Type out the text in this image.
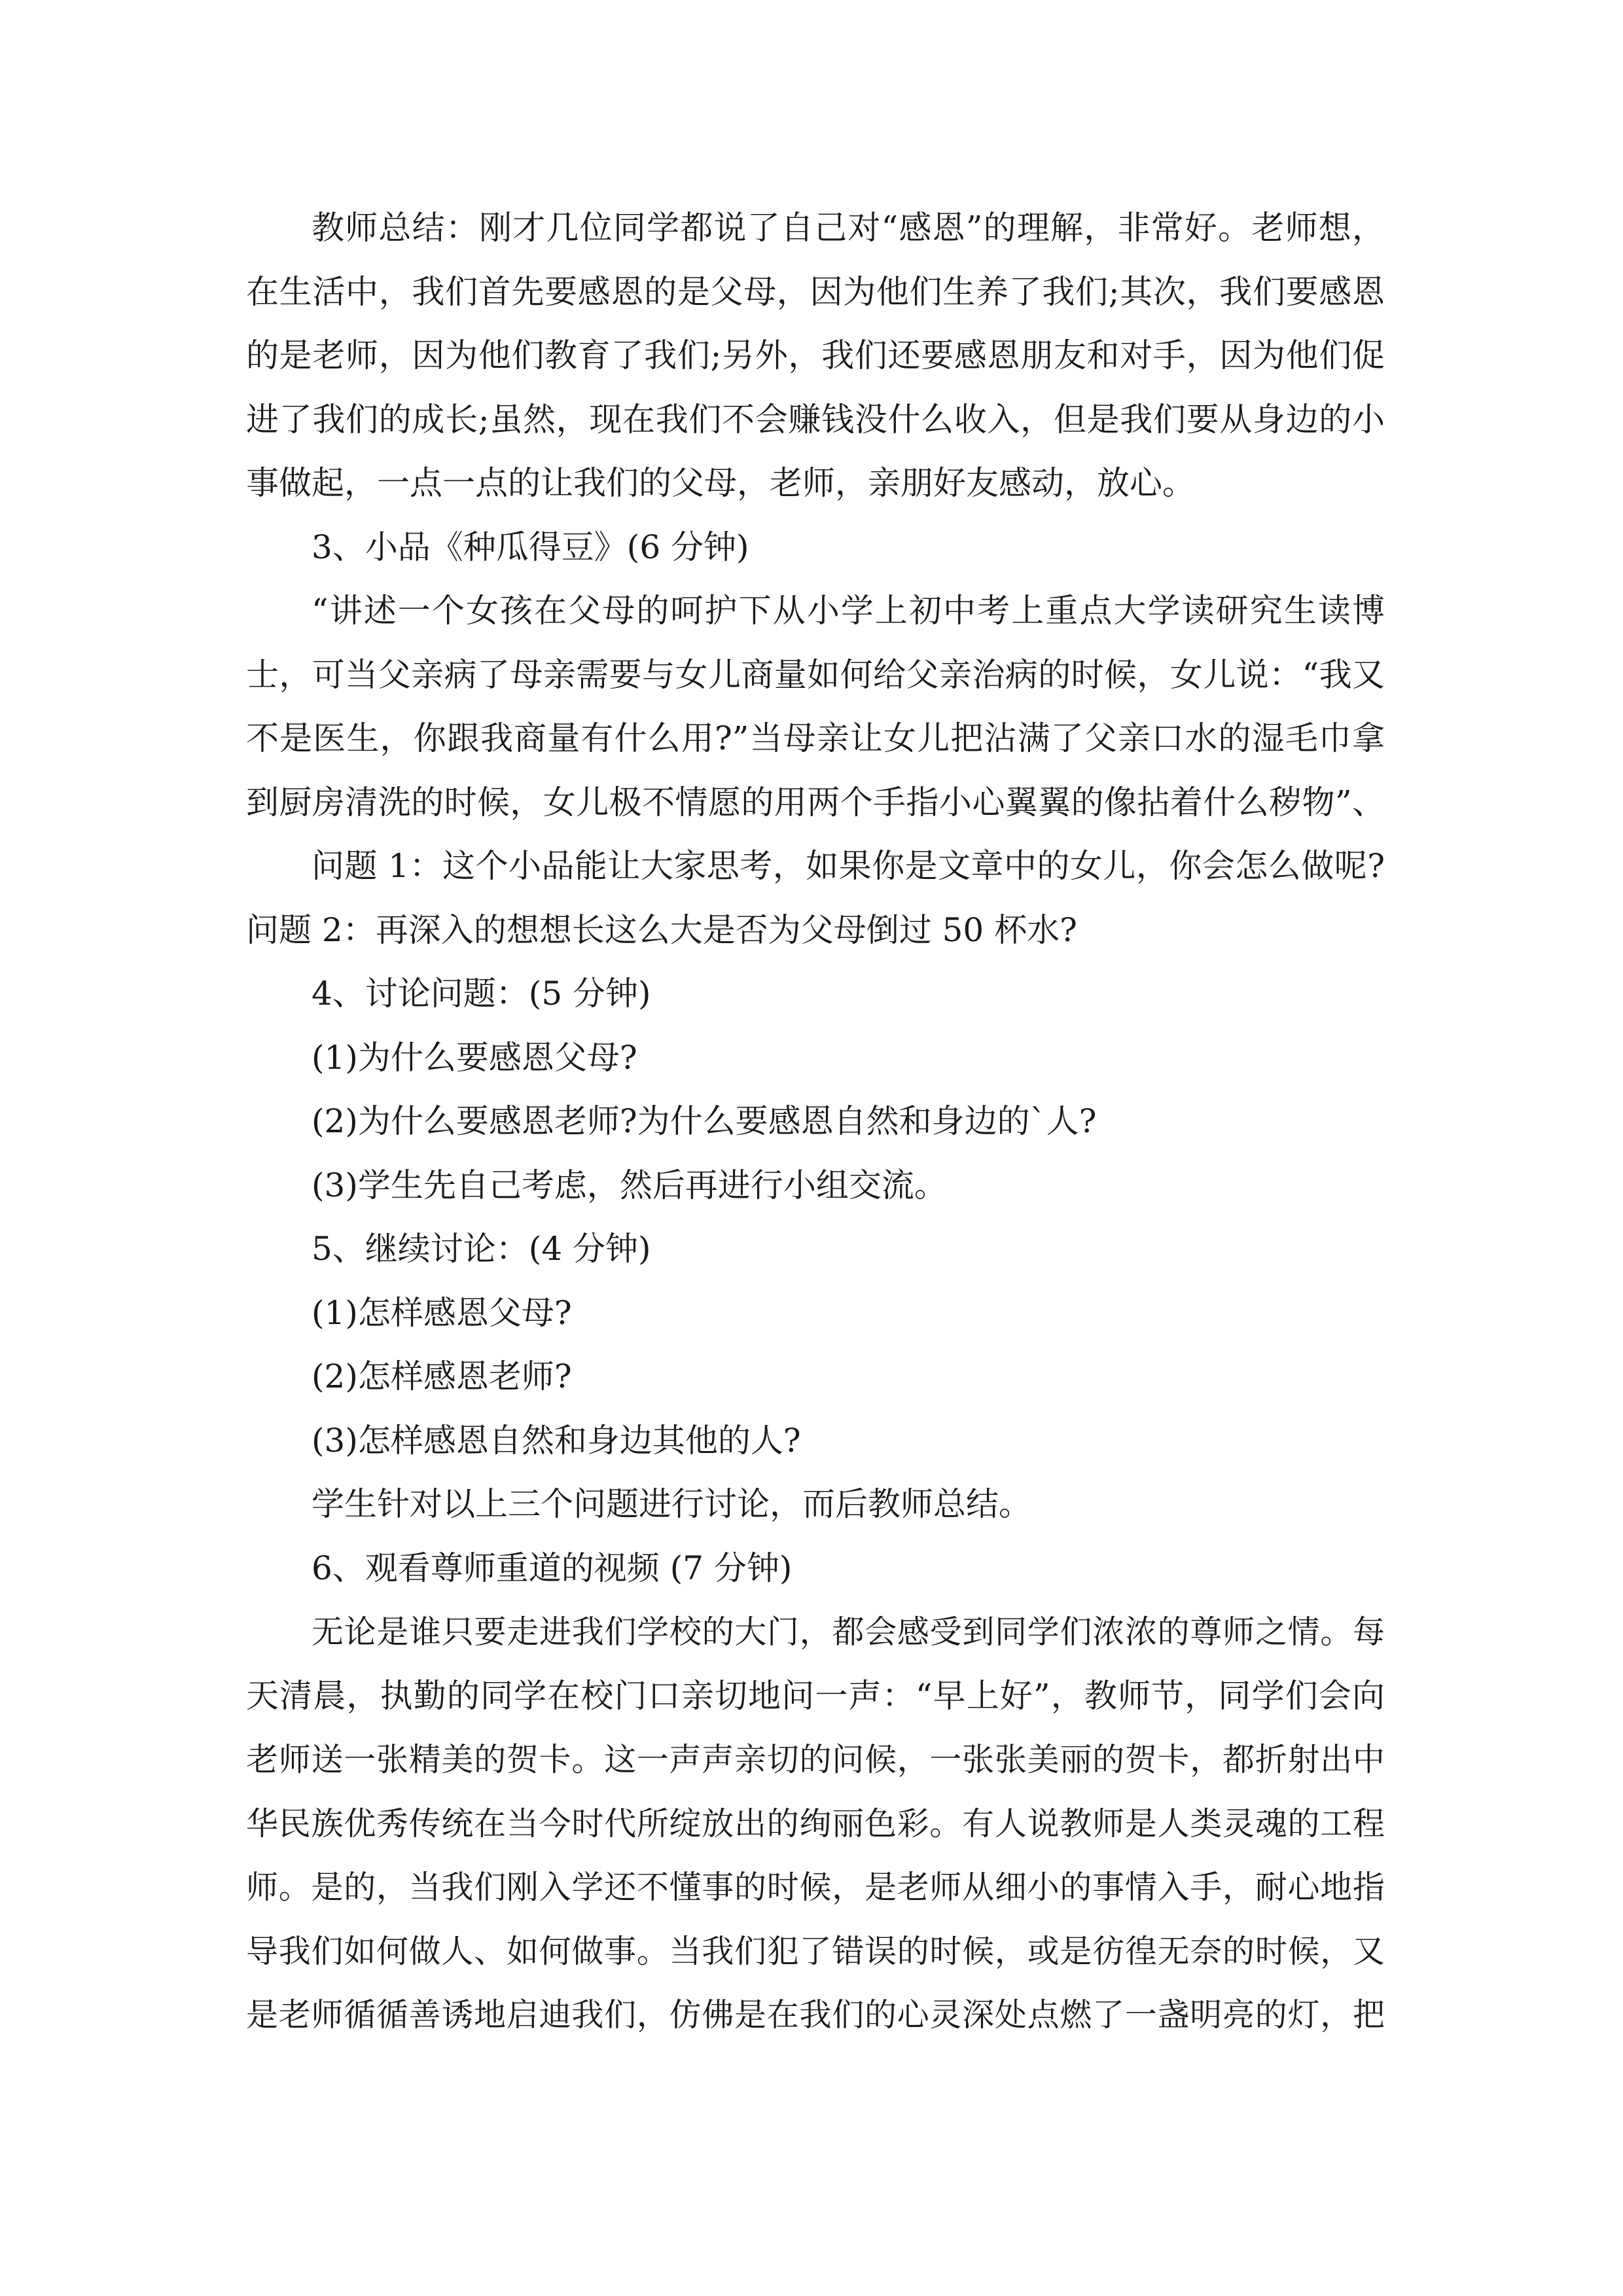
教师总结：刚才几位同学都说了自己对“感恩”的理解，非常好。老师想，
在生活中，我们首先要感恩的是父母，因为他们生养了我们;其次，我们要感恩
的是老师，因为他们教育了我们;另外，我们还要感恩朋友和对手，因为他们促
进了我们的成长;虽然，现在我们不会赚钱没什么收入，但是我们要从身边的小
事做起，一点一点的让我们的父母，老师，亲朋好友感动，放心。
3、小品《种瓜得豆》(6 分钟)
“讲述一个女孩在父母的呵护下从小学上初中考上重点大学读研究生读博
士，可当父亲病了母亲需要与女儿商量如何给父亲治病的时候，女儿说：“我又
不是医生，你跟我商量有什么用?”当母亲让女儿把沾满了父亲口水的湿毛巾拿
到厨房清洗的时候，女儿极不情愿的用两个手指小心翼翼的像拈着什么秽物”、
问题 1：这个小品能让大家思考，如果你是文章中的女儿，你会怎么做呢?
问题 2：再深入的想想长这么大是否为父母倒过 50 杯水?
4、讨论问题：(5 分钟)
(1)为什么要感恩父母?
(2)为什么要感恩老师?为什么要感恩自然和身边的`人?
(3)学生先自己考虑，然后再进行小组交流。
5、继续讨论：(4 分钟)
(1)怎样感恩父母?
(2)怎样感恩老师?
(3)怎样感恩自然和身边其他的人?
学生针对以上三个问题进行讨论，而后教师总结。
6、观看尊师重道的视频 (7 分钟)
无论是谁只要走进我们学校的大门，都会感受到同学们浓浓的尊师之情。每
天清晨，执勤的同学在校门口亲切地问一声：“早上好”，教师节，同学们会向
老师送一张精美的贺卡。这一声声亲切的问候，一张张美丽的贺卡，都折射出中
华民族优秀传统在当今时代所绽放出的绚丽色彩。有人说教师是人类灵魂的工程
师。是的，当我们刚入学还不懂事的时候，是老师从细小的事情入手，耐心地指
导我们如何做人、如何做事。当我们犯了错误的时候，或是彷徨无奈的时候，又
是老师循循善诱地启迪我们，仿佛是在我们的心灵深处点燃了一盏明亮的灯，把
